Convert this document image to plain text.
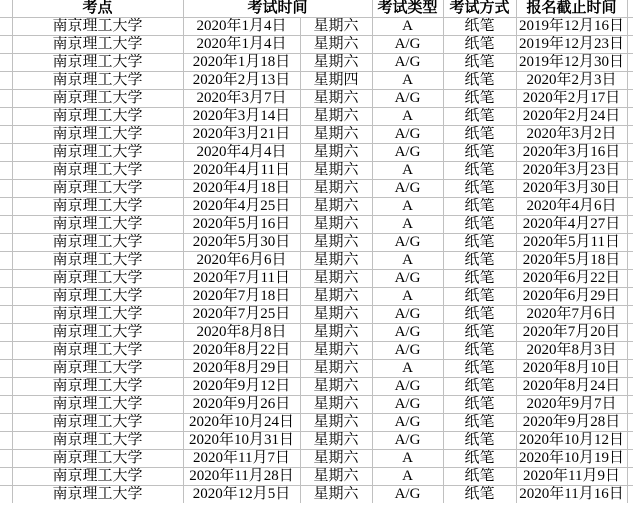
	考点	考试时间		考试类型	考试方式	报名截止时间	
	南京理工大学	2020年1月4日	星期六	A	纸笔	2019年12月16日	
	南京理工大学	2020年1月4日	星期六	A/G	纸笔	2019年12月23日	
	南京理工大学	2020年1月18日	星期六	A/G	纸笔	2019年12月30日	
	南京理工大学	2020年2月13日	星期四	A	纸笔	2020年2月3日	
	南京理工大学	2020年3月7日	星期六	A/G	纸笔	2020年2月17日	
	南京理工大学	2020年3月14日	星期六	A	纸笔	2020年2月24日	
	南京理工大学	2020年3月21日	星期六	A/G	纸笔	2020年3月2日	
	南京理工大学	2020年4月4日	星期六	A/G	纸笔	2020年3月16日	
	南京理工大学	2020年4月11日	星期六	A	纸笔	2020年3月23日	
	南京理工大学	2020年4月18日	星期六	A/G	纸笔	2020年3月30日	
	南京理工大学	2020年4月25日	星期六	A	纸笔	2020年4月6日	
	南京理工大学	2020年5月16日	星期六	A	纸笔	2020年4月27日	
	南京理工大学	2020年5月30日	星期六	A/G	纸笔	2020年5月11日	
	南京理工大学	2020年6月6日	星期六	A	纸笔	2020年5月18日	
	南京理工大学	2020年7月11日	星期六	A/G	纸笔	2020年6月22日	
	南京理工大学	2020年7月18日	星期六	A	纸笔	2020年6月29日	
	南京理工大学	2020年7月25日	星期六	A/G	纸笔	2020年7月6日	
	南京理工大学	2020年8月8日	星期六	A/G	纸笔	2020年7月20日	
	南京理工大学	2020年8月22日	星期六	A/G	纸笔	2020年8月3日	
	南京理工大学	2020年8月29日	星期六	A	纸笔	2020年8月10日	
	南京理工大学	2020年9月12日	星期六	A/G	纸笔	2020年8月24日	
	南京理工大学	2020年9月26日	星期六	A/G	纸笔	2020年9月7日	
	南京理工大学	2020年10月24日	星期六	A/G	纸笔	2020年9月28日	
	南京理工大学	2020年10月31日	星期六	A/G	纸笔	2020年10月12日	
	南京理工大学	2020年11月7日	星期六	A	纸笔	2020年10月19日	
	南京理工大学	2020年11月28日	星期六	A	纸笔	2020年11月9日	
	南京理工大学	2020年12月5日	星期六	A/G	纸笔	2020年11月16日	
